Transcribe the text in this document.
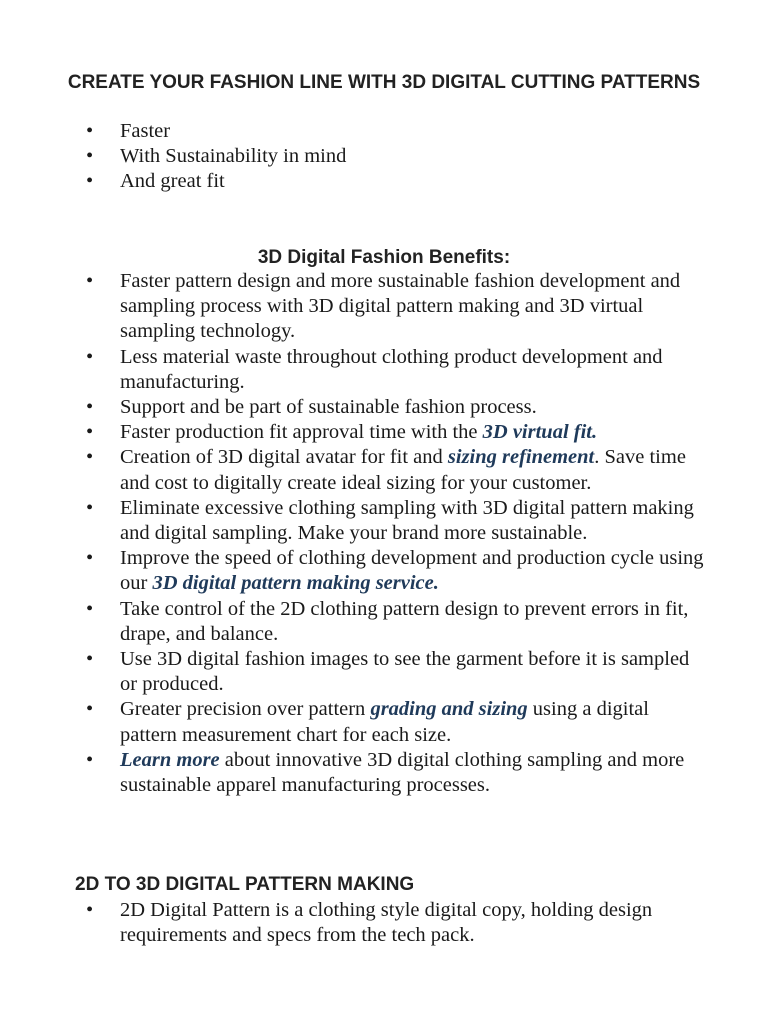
CREATE YOUR FASHION LINE WITH 3D DIGITAL CUTTING PATTERNS
•	Faster
•	With Sustainability in mind
•	And great fit
3D Digital Fashion Benefits:
•	Faster pattern design and more sustainable fashion development and sampling process with 3D digital pattern making and 3D virtual sampling technology.
•	Less material waste throughout clothing product development and manufacturing.
•	Support and be part of sustainable fashion process.
•	Faster production fit approval time with the 3D virtual fit.
•	Creation of 3D digital avatar for fit and sizing refinement. Save time and cost to digitally create ideal sizing for your customer.
•	Eliminate excessive clothing sampling with 3D digital pattern making and digital sampling. Make your brand more sustainable.
•	Improve the speed of clothing development and production cycle using our 3D digital pattern making service.
•	Take control of the 2D clothing pattern design to prevent errors in fit, drape, and balance.
•	Use 3D digital fashion images to see the garment before it is sampled or produced.
•	Greater precision over pattern grading and sizing using a digital pattern measurement chart for each size.
•	Learn more about innovative 3D digital clothing sampling and more sustainable apparel manufacturing processes.
2D TO 3D DIGITAL PATTERN MAKING
•	2D Digital Pattern is a clothing style digital copy, holding design requirements and specs from the tech pack.
